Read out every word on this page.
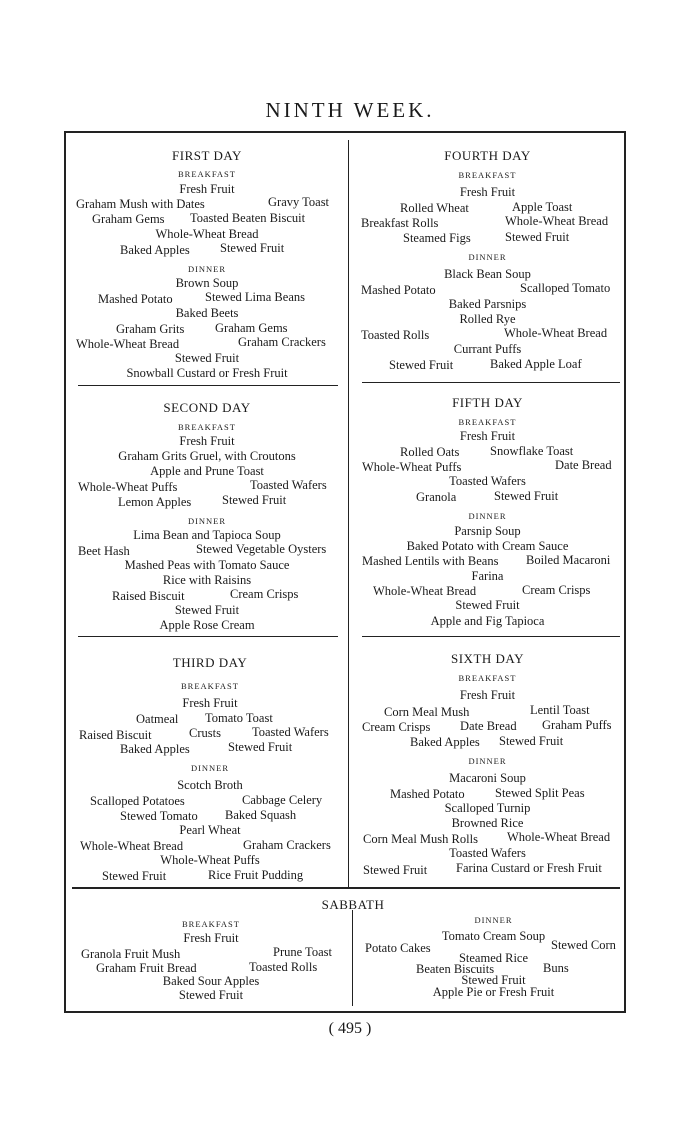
NINTH WEEK.
FIRST DAY
BREAKFAST
Fresh Fruit
Graham Mush with Dates	Gravy Toast
Graham Gems Toasted Beaten Biscuit
Whole-Wheat Bread
Baked Apples Stewed Fruit
DINNER
Brown Soup
Mashed Potato	Stewed Lima Beans
Baked Beets
Graham Grits Graham Gems
Whole-Wheat Bread	Graham Crackers
Stewed Fruit
Snowball Custard or Fresh Fruit
SECOND DAY
BREAKFAST
Fresh Fruit
Graham Grits Gruel, with Croutons
Apple and Prune Toast
Whole-Wheat Puffs	Toasted Wafers
Lemon Apples Stewed Fruit
DINNER
Lima Bean and Tapioca Soup
Beet Hash	Stewed Vegetable Oysters
Mashed Peas with Tomato Sauce
Rice with Raisins
Raised Biscuit	Cream Crisps
Stewed Fruit
Apple Rose Cream
THIRD DAY
BREAKFAST
Fresh Fruit
Oatmeal Tomato Toast
Raised Biscuit	Crusts Toasted Wafers
Baked Apples	Stewed Fruit
DINNER
Scotch Broth
Scalloped Potatoes	Cabbage Celery
Stewed Tomato Baked Squash
Pearl Wheat
Whole-Wheat Bread	Graham Crackers
Whole-Wheat Puffs
Stewed Fruit	Rice Fruit Pudding
FOURTH DAY
BREAKFAST
Fresh Fruit
Rolled Wheat	Apple Toast
Breakfast Rolls	Whole-Wheat Bread
Steamed Figs	Stewed Fruit
DINNER
Black Bean Soup
Mashed Potato	Scalloped Tomato
Baked Parsnips
Rolled Rye
Toasted Rolls	Whole-Wheat Bread
Currant Puffs
Stewed Fruit	Baked Apple Loaf
FIFTH DAY
BREAKFAST
Fresh Fruit
Rolled Oats Snowflake Toast
Whole-Wheat Puffs	Date Bread
Toasted Wafers
Granola	Stewed Fruit
DINNER
Parsnip Soup
Baked Potato with Cream Sauce
Mashed Lentils with Beans Boiled Macaroni
Farina
Whole-Wheat Bread	Cream Crisps
Stewed Fruit
Apple and Fig Tapioca
SIXTH DAY
BREAKFAST
Fresh Fruit
Corn Meal Mush	Lentil Toast
Cream Crisps Date Bread Graham Puffs
Baked Apples Stewed Fruit
DINNER
Macaroni Soup
Mashed Potato Stewed Split Peas
Scalloped Turnip
Browned Rice
Corn Meal Mush Rolls Whole-Wheat Bread
Toasted Wafers
Stewed Fruit Farina Custard or Fresh Fruit
SABBATH
BREAKFAST
Fresh Fruit
Granola Fruit Mush	Prune Toast
Graham Fruit Bread	Toasted Rolls
Baked Sour Apples
Stewed Fruit
DINNER
Tomato Cream Soup
Potato Cakes	Stewed Corn
Steamed Rice
Beaten Biscuits	Buns
Stewed Fruit
Apple Pie or Fresh Fruit
( 495 )
